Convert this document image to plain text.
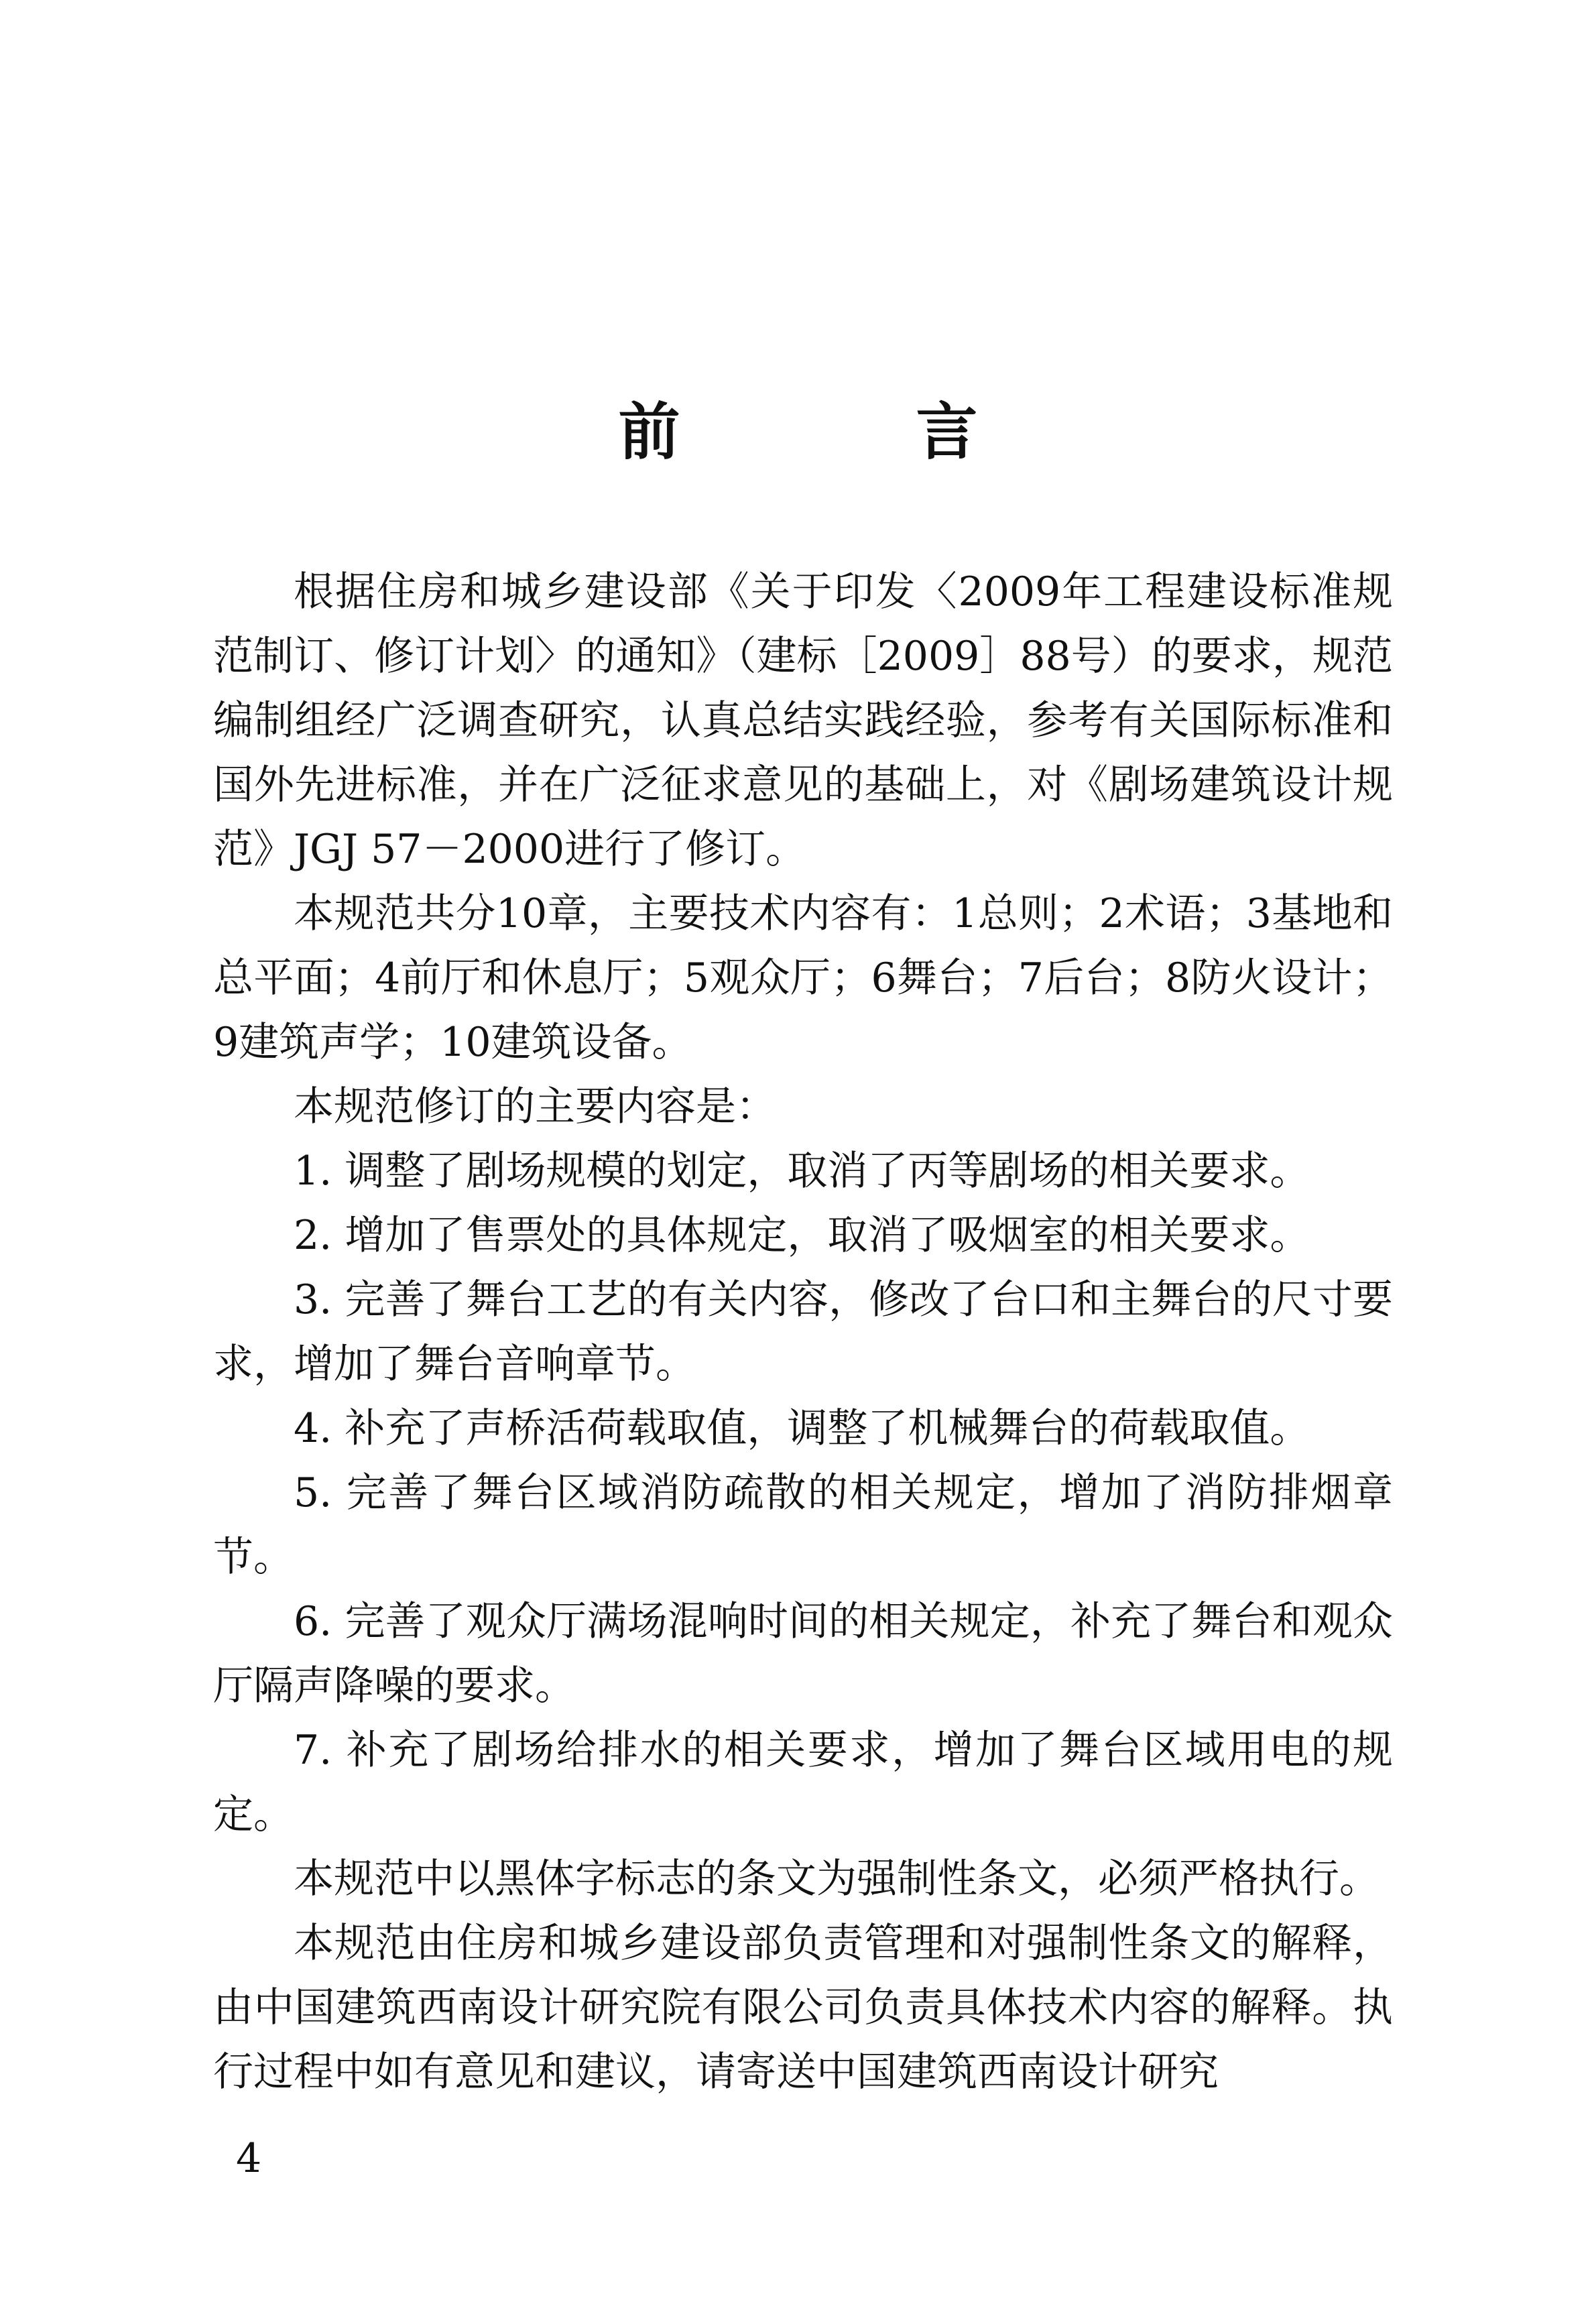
前 言

根据住房和城乡建设部《关于印发〈2009年工程建设标准规范制订、修订计划〉的通知》（建标［2009］88号）的要求，规范编制组经广泛调查研究，认真总结实践经验，参考有关国际标准和国外先进标准，并在广泛征求意见的基础上，对《剧场建筑设计规范》JGJ 57－2000进行了修订。

本规范共分10章，主要技术内容有：1总则；2术语；3基地和总平面；4前厅和休息厅；5观众厅；6舞台；7后台；8防火设计；9建筑声学；10建筑设备。

本规范修订的主要内容是：

1. 调整了剧场规模的划定，取消了丙等剧场的相关要求。

2. 增加了售票处的具体规定，取消了吸烟室的相关要求。

3. 完善了舞台工艺的有关内容，修改了台口和主舞台的尺寸要求，增加了舞台音响章节。

4. 补充了声桥活荷载取值，调整了机械舞台的荷载取值。

5. 完善了舞台区域消防疏散的相关规定，增加了消防排烟章节。

6. 完善了观众厅满场混响时间的相关规定，补充了舞台和观众厅隔声降噪的要求。

7. 补充了剧场给排水的相关要求，增加了舞台区域用电的规定。

本规范中以黑体字标志的条文为强制性条文，必须严格执行。

本规范由住房和城乡建设部负责管理和对强制性条文的解释，由中国建筑西南设计研究院有限公司负责具体技术内容的解释。执行过程中如有意见和建议，请寄送中国建筑西南设计研究

4
